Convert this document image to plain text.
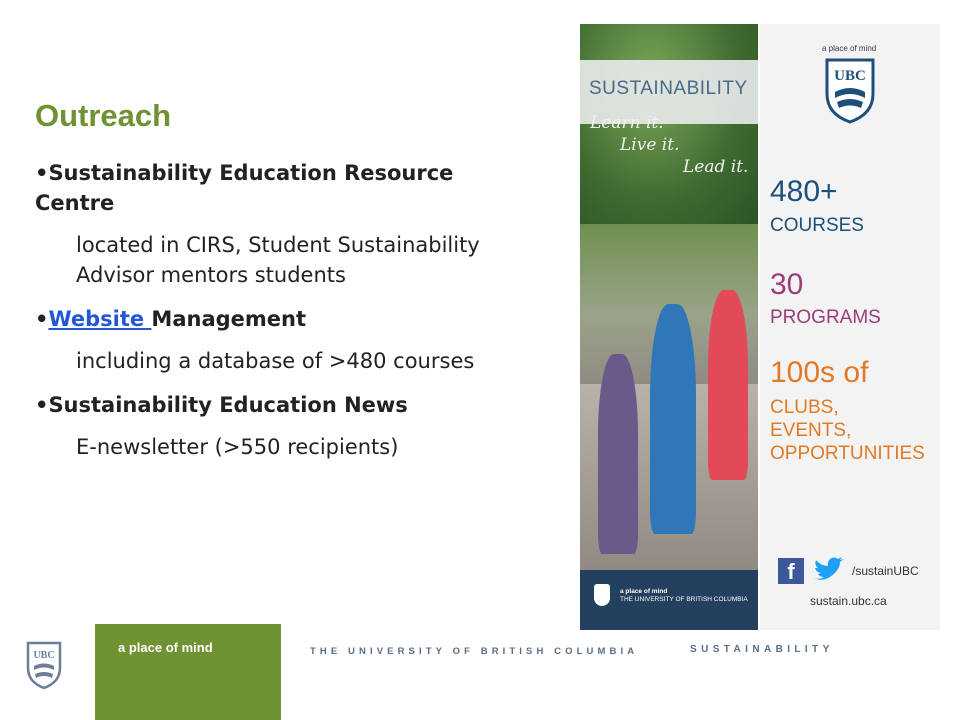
Outreach
•Sustainability Education Resource Centre
located in CIRS, Student Sustainability Advisor mentors students
•Website Management
including a database of >480 courses
•Sustainability Education News
E-newsletter (>550 recipients)
SUSTAINABILITY
Learn it.
Live it.
Lead it.
a place of mind
THE UNIVERSITY OF BRITISH COLUMBIA
a place of mind
UBC
480+
COURSES
30
PROGRAMS
100s of
CLUBS,
EVENTS,
OPPORTUNITIES
f	/sustainUBC
sustain.ubc.ca
UBC
a place of mind	THE UNIVERSITY OF BRITISH COLUMBIA	SUSTAINABILITY
